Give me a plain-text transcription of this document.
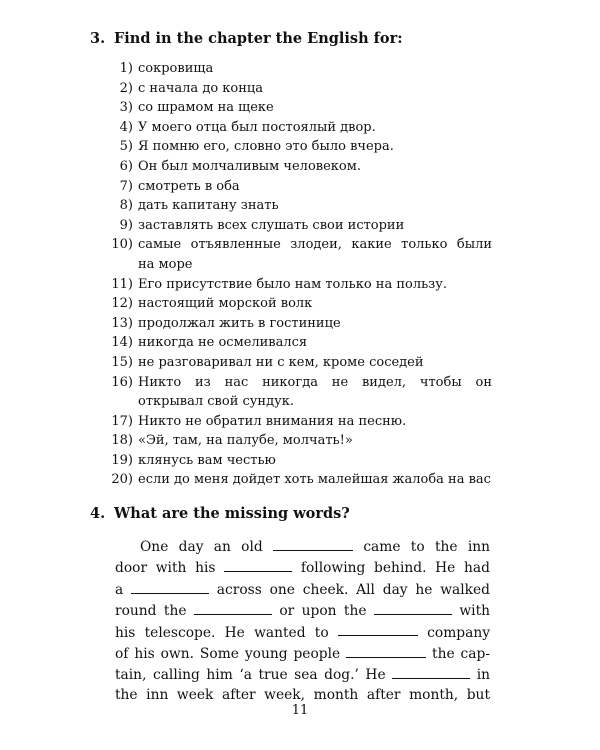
3. Find in the chapter the English for:
1) сокровища
2) с начала до конца
3) со шрамом на щеке
4) У моего отца был постоялый двор.
5) Я помню его, словно это было вчера.
6) Он был молчаливым человеком.
7) смотреть в оба
8) дать капитану знать
9) заставлять всех слушать свои истории
10) самые отъявленные злодеи, какие только были
на море
11) Его присутствие было нам только на пользу.
12) настоящий морской волк
13) продолжал жить в гостинице
14) никогда не осмеливался
15) не разговаривал ни с кем, кроме соседей
16) Никто из нас никогда не видел, чтобы он
открывал свой сундук.
17) Никто не обратил внимания на песню.
18) «Эй, там, на палубе, молчать!»
19) клянусь вам честью
20) если до меня дойдет хоть малейшая жалоба на вас
4. What are the missing words?
One day an old	came to the inn
door with his	following behind. He had
a	across one cheek. All day he walked
round the	or upon the	with
his telescope. He wanted to	company
of his own. Some young people	the cap-
tain, calling him ‘a true sea dog.’ He	in
the inn week after week, month after month, but
11
